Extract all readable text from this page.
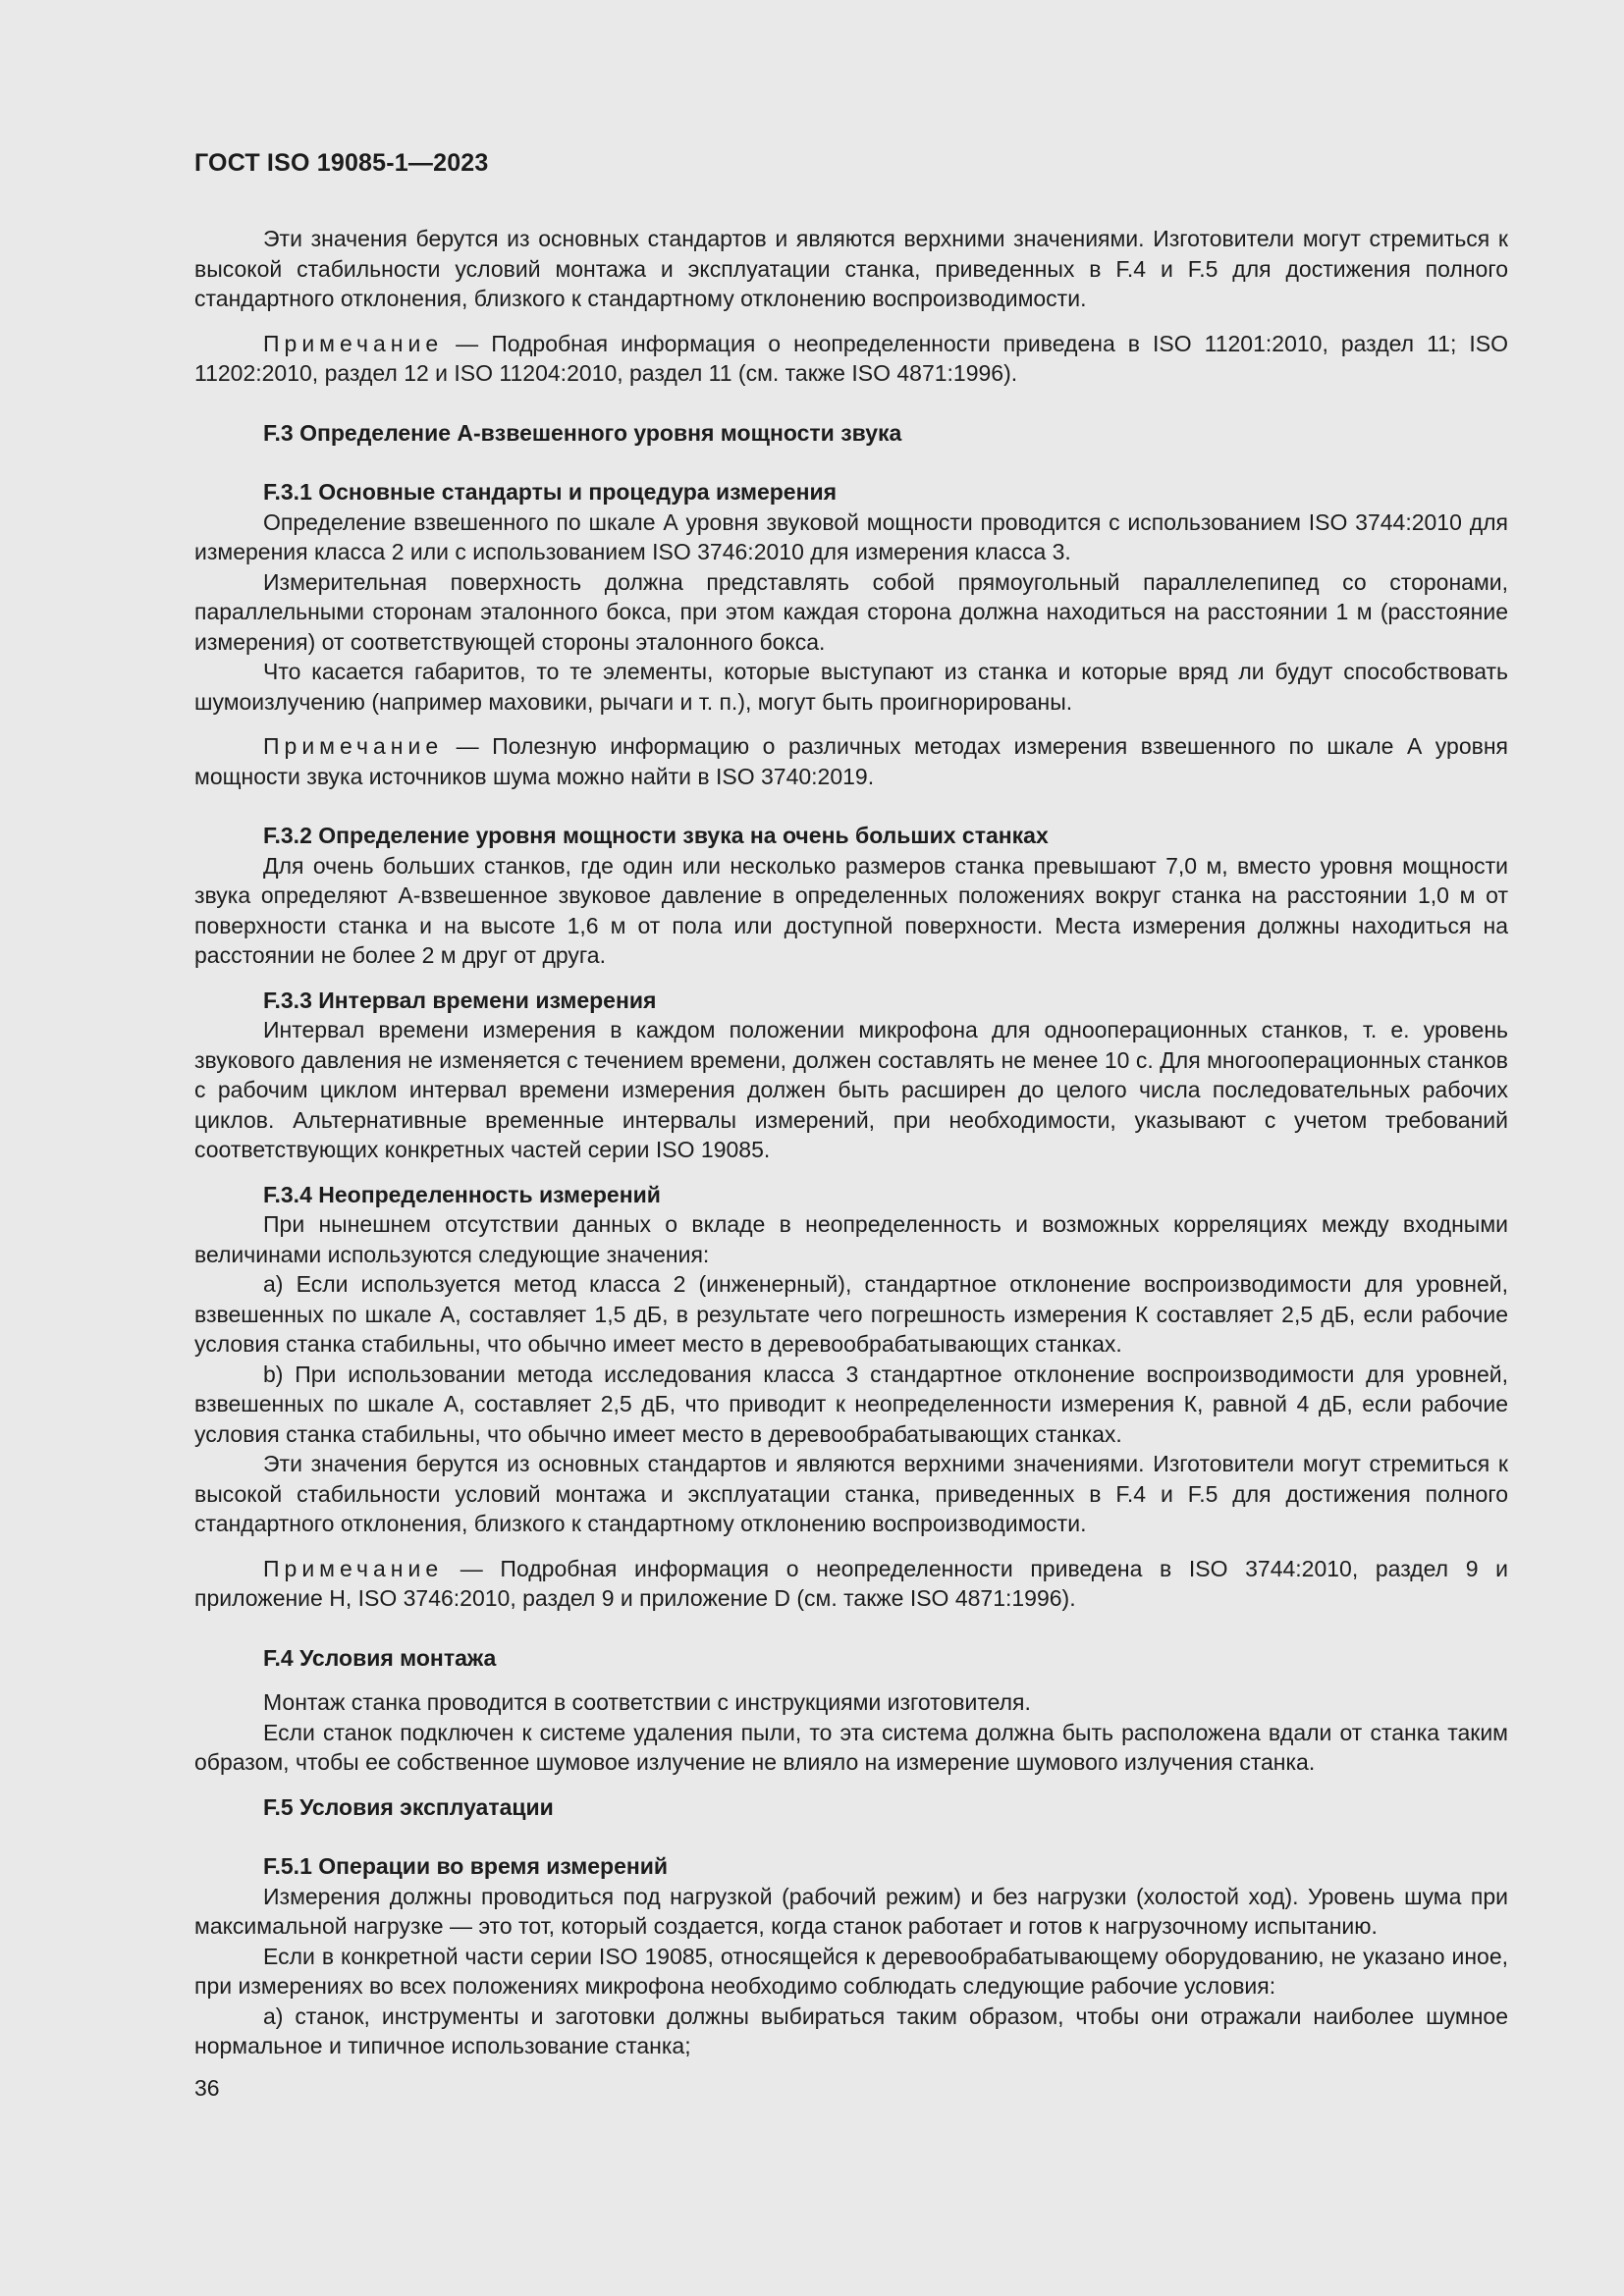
ГОСТ ISO 19085-1—2023

Эти значения берутся из основных стандартов и являются верхними значениями. Изготовители могут стремиться к высокой стабильности условий монтажа и эксплуатации станка, приведенных в F.4 и F.5 для достижения полного стандартного отклонения, близкого к стандартному отклонению воспроизводимости.

Примечание — Подробная информация о неопределенности приведена в ISO 11201:2010, раздел 11; ISO 11202:2010, раздел 12 и ISO 11204:2010, раздел 11 (см. также ISO 4871:1996).

F.3 Определение А-взвешенного уровня мощности звука
F.3.1 Основные стандарты и процедура измерения

Определение взвешенного по шкале А уровня звуковой мощности проводится с использованием ISO 3744:2010 для измерения класса 2 или с использованием ISO 3746:2010 для измерения класса 3.

Измерительная поверхность должна представлять собой прямоугольный параллелепипед со сторонами, параллельными сторонам эталонного бокса, при этом каждая сторона должна находиться на расстоянии 1 м (расстояние измерения) от соответствующей стороны эталонного бокса.

Что касается габаритов, то те элементы, которые выступают из станка и которые вряд ли будут способствовать шумоизлучению (например маховики, рычаги и т. п.), могут быть проигнорированы.

Примечание — Полезную информацию о различных методах измерения взвешенного по шкале А уровня мощности звука источников шума можно найти в ISO 3740:2019.

F.3.2 Определение уровня мощности звука на очень больших станках

Для очень больших станков, где один или несколько размеров станка превышают 7,0 м, вместо уровня мощности звука определяют А-взвешенное звуковое давление в определенных положениях вокруг станка на расстоянии 1,0 м от поверхности станка и на высоте 1,6 м от пола или доступной поверхности. Места измерения должны находиться на расстоянии не более 2 м друг от друга.

F.3.3 Интервал времени измерения

Интервал времени измерения в каждом положении микрофона для однооперационных станков, т. е. уровень звукового давления не изменяется с течением времени, должен составлять не менее 10 с. Для многооперационных станков с рабочим циклом интервал времени измерения должен быть расширен до целого числа последовательных рабочих циклов. Альтернативные временные интервалы измерений, при необходимости, указывают с учетом требований соответствующих конкретных частей серии ISO 19085.

F.3.4 Неопределенность измерений

При нынешнем отсутствии данных о вкладе в неопределенность и возможных корреляциях между входными величинами используются следующие значения:

a) Если используется метод класса 2 (инженерный), стандартное отклонение воспроизводимости для уровней, взвешенных по шкале А, составляет 1,5 дБ, в результате чего погрешность измерения К составляет 2,5 дБ, если рабочие условия станка стабильны, что обычно имеет место в деревообрабатывающих станках.

b) При использовании метода исследования класса 3 стандартное отклонение воспроизводимости для уровней, взвешенных по шкале А, составляет 2,5 дБ, что приводит к неопределенности измерения К, равной 4 дБ, если рабочие условия станка стабильны, что обычно имеет место в деревообрабатывающих станках.

Эти значения берутся из основных стандартов и являются верхними значениями. Изготовители могут стремиться к высокой стабильности условий монтажа и эксплуатации станка, приведенных в F.4 и F.5 для достижения полного стандартного отклонения, близкого к стандартному отклонению воспроизводимости.

Примечание — Подробная информация о неопределенности приведена в ISO 3744:2010, раздел 9 и приложение Н, ISO 3746:2010, раздел 9 и приложение D (см. также ISO 4871:1996).

F.4 Условия монтажа

Монтаж станка проводится в соответствии с инструкциями изготовителя.

Если станок подключен к системе удаления пыли, то эта система должна быть расположена вдали от станка таким образом, чтобы ее собственное шумовое излучение не влияло на измерение шумового излучения станка.

F.5 Условия эксплуатации
F.5.1 Операции во время измерений

Измерения должны проводиться под нагрузкой (рабочий режим) и без нагрузки (холостой ход). Уровень шума при максимальной нагрузке — это тот, который создается, когда станок работает и готов к нагрузочному испытанию.

Если в конкретной части серии ISO 19085, относящейся к деревообрабатывающему оборудованию, не указано иное, при измерениях во всех положениях микрофона необходимо соблюдать следующие рабочие условия:

a) станок, инструменты и заготовки должны выбираться таким образом, чтобы они отражали наиболее шумное нормальное и типичное использование станка;

36
